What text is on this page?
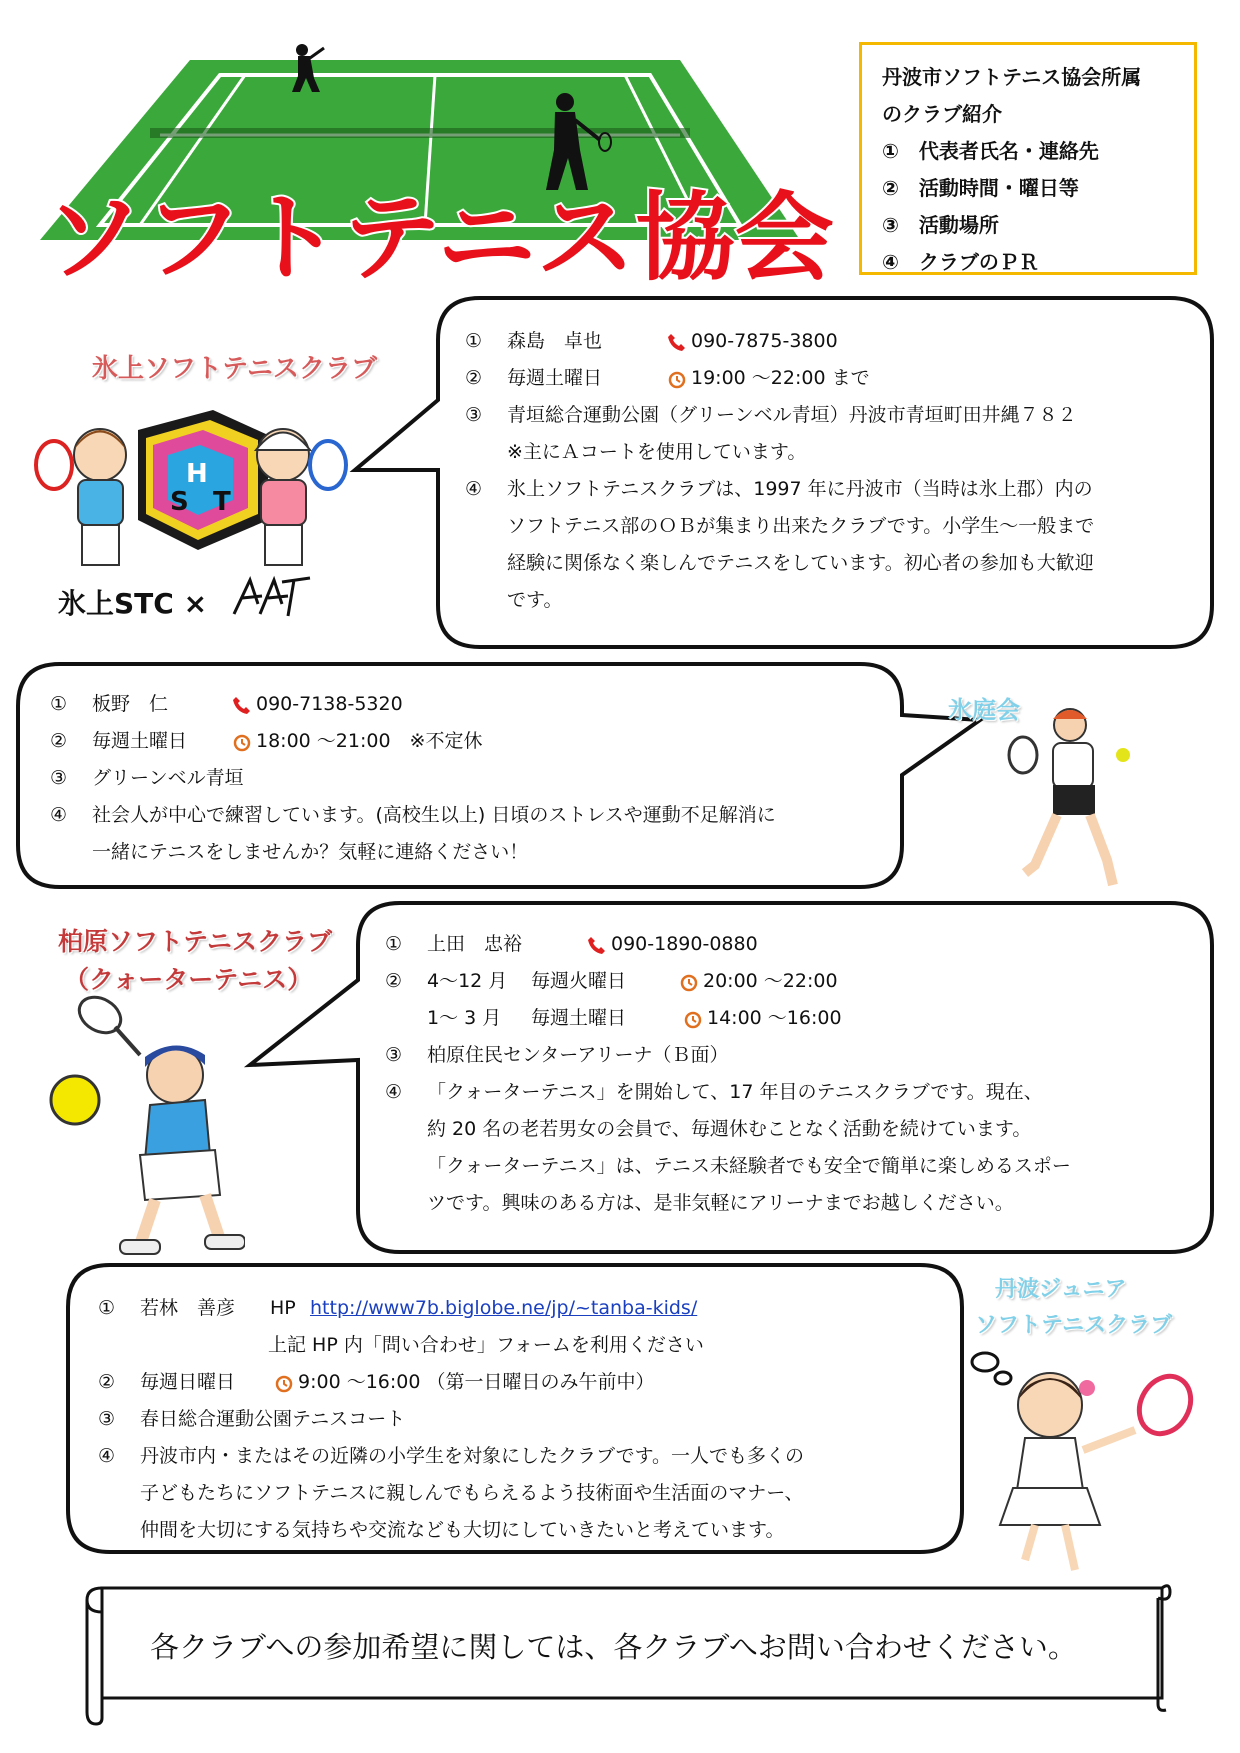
ソフトテニス協会
丹波市ソフトテニス協会所属
のクラブ紹介
①　代表者氏名・連絡先
②　活動時間・曜日等
③　活動場所
④　クラブのＰＲ
氷上ソフトテニスクラブ
H
S T
氷上STC ×
①	森島　卓也	090-7875-3800
②	毎週土曜日	19:00 ～22:00 まで
③	青垣総合運動公園（グリーンベル青垣）丹波市青垣町田井縄７８２
※主にＡコートを使用しています。
④	氷上ソフトテニスクラブは、1997 年に丹波市（当時は氷上郡）内の
ソフトテニス部のＯＢが集まり出来たクラブです。小学生～一般まで
経験に関係なく楽しんでテニスをしています。初心者の参加も大歓迎
です。
氷庭会
①	板野　仁	090-7138-5320
②	毎週土曜日	18:00 ～21:00　※不定休
③	グリーンベル青垣
④	社会人が中心で練習しています。(高校生以上) 日頃のストレスや運動不足解消に
一緒にテニスをしませんか？気軽に連絡ください！
柏原ソフトテニスクラブ
（クォーターテニス）
①	上田　忠裕	090-1890-0880
②	4～12 月	毎週火曜日	20:00 ～22:00
1～ 3 月	毎週土曜日	14:00 ～16:00
③	柏原住民センターアリーナ（Ｂ面）
④	「クォーターテニス」を開始して、17 年目のテニスクラブです。現在、
約 20 名の老若男女の会員で、毎週休むことなく活動を続けています。
「クォーターテニス」は、テニス未経験者でも安全で簡単に楽しめるスポー
ツです。興味のある方は、是非気軽にアリーナまでお越しください。
丹波ジュニア
ソフトテニスクラブ
①	若林　善彦	HP http://www7b.biglobe.ne/jp/~tanba-kids/
上記 HP 内「問い合わせ」フォームを利用ください
②	毎週日曜日	9:00 ～16:00 （第一日曜日のみ午前中）
③	春日総合運動公園テニスコート
④	丹波市内・またはその近隣の小学生を対象にしたクラブです。一人でも多くの
子どもたちにソフトテニスに親しんでもらえるよう技術面や生活面のマナー、
仲間を大切にする気持ちや交流なども大切にしていきたいと考えています。
各クラブへの参加希望に関しては、各クラブへお問い合わせください。
